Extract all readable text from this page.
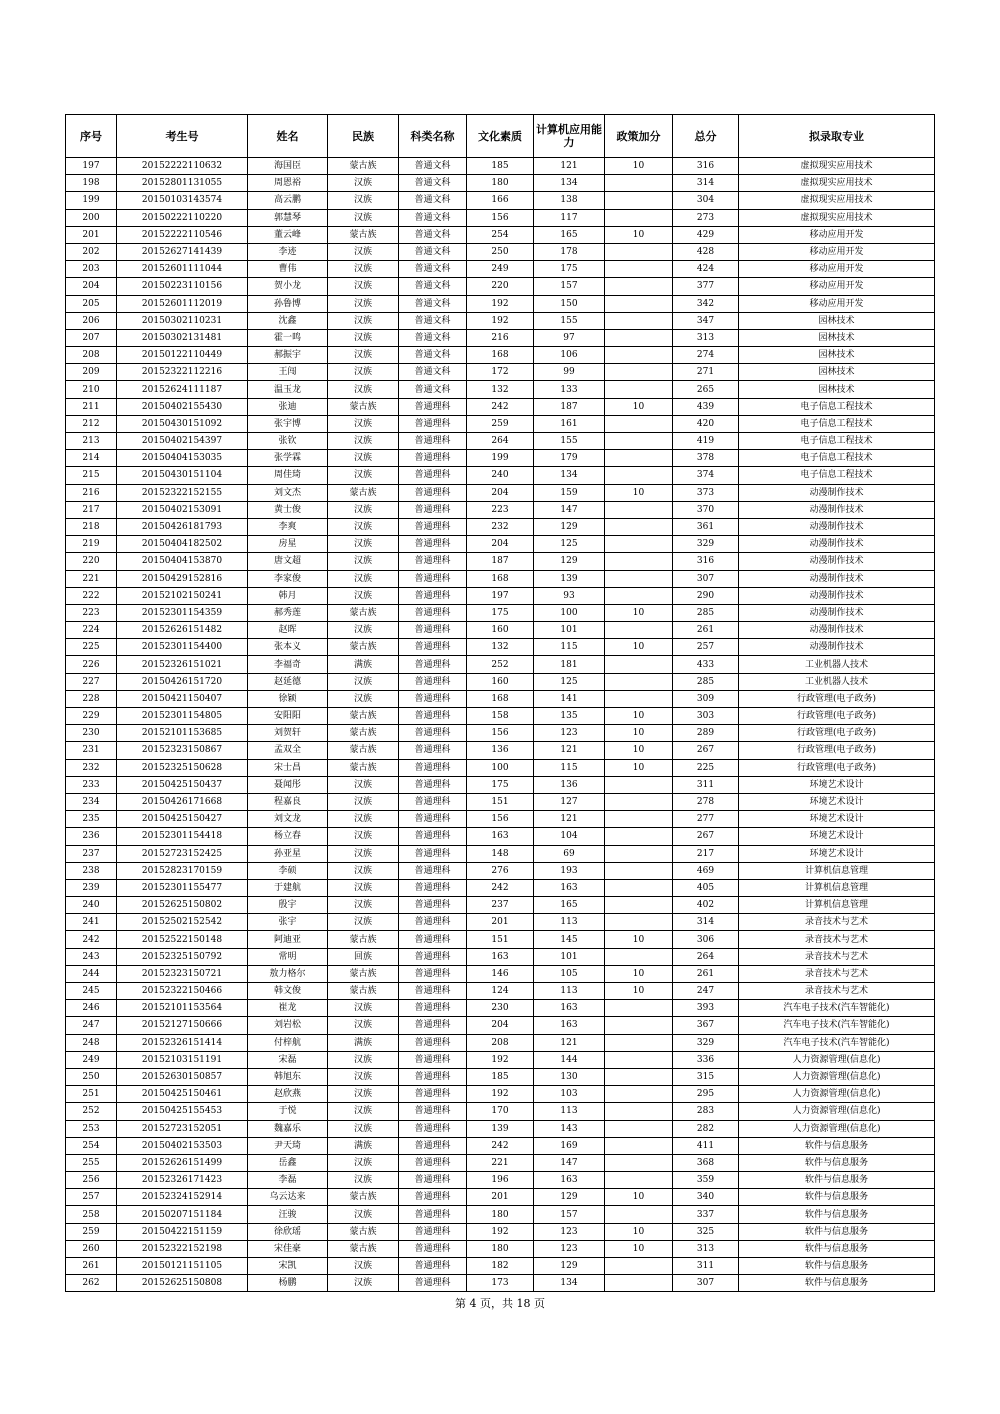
序号	考生号	姓名	民族	科类名称	文化素质	计算机应用能力	政策加分	总分	拟录取专业
197	20152222110632	海国臣	蒙古族	普通文科	185	121	10	316	虚拟现实应用技术
198	20152801131055	周恩裕	汉族	普通文科	180	134		314	虚拟现实应用技术
199	20150103143574	高云鹏	汉族	普通文科	166	138		304	虚拟现实应用技术
200	20150222110220	郭慧琴	汉族	普通文科	156	117		273	虚拟现实应用技术
201	20152222110546	董云峰	蒙古族	普通文科	254	165	10	429	移动应用开发
202	20152627141439	李迹	汉族	普通文科	250	178		428	移动应用开发
203	20152601111044	曹伟	汉族	普通文科	249	175		424	移动应用开发
204	20150223110156	贺小龙	汉族	普通文科	220	157		377	移动应用开发
205	20152601112019	孙鲁博	汉族	普通文科	192	150		342	移动应用开发
206	20150302110231	沈鑫	汉族	普通文科	192	155		347	园林技术
207	20150302131481	霍一鸣	汉族	普通文科	216	97		313	园林技术
208	20150122110449	郝振宇	汉族	普通文科	168	106		274	园林技术
209	20152322112216	王闯	汉族	普通文科	172	99		271	园林技术
210	20152624111187	温玉龙	汉族	普通文科	132	133		265	园林技术
211	20150402155430	张迪	蒙古族	普通理科	242	187	10	439	电子信息工程技术
212	20150430151092	张宇博	汉族	普通理科	259	161		420	电子信息工程技术
213	20150402154397	张钦	汉族	普通理科	264	155		419	电子信息工程技术
214	20150404153035	张学霖	汉族	普通理科	199	179		378	电子信息工程技术
215	20150430151104	周佳琦	汉族	普通理科	240	134		374	电子信息工程技术
216	20152322152155	刘文杰	蒙古族	普通理科	204	159	10	373	动漫制作技术
217	20150402153091	黄士俊	汉族	普通理科	223	147		370	动漫制作技术
218	20150426181793	李爽	汉族	普通理科	232	129		361	动漫制作技术
219	20150404182502	房星	汉族	普通理科	204	125		329	动漫制作技术
220	20150404153870	唐文超	汉族	普通理科	187	129		316	动漫制作技术
221	20150429152816	李家俊	汉族	普通理科	168	139		307	动漫制作技术
222	20152102150241	韩月	汉族	普通理科	197	93		290	动漫制作技术
223	20152301154359	郝秀莲	蒙古族	普通理科	175	100	10	285	动漫制作技术
224	20152626151482	赵晖	汉族	普通理科	160	101		261	动漫制作技术
225	20152301154400	张本义	蒙古族	普通理科	132	115	10	257	动漫制作技术
226	20152326151021	李福奇	满族	普通理科	252	181		433	工业机器人技术
227	20150426151720	赵延德	汉族	普通理科	160	125		285	工业机器人技术
228	20150421150407	徐颖	汉族	普通理科	168	141		309	行政管理(电子政务)
229	20152301154805	安阳阳	蒙古族	普通理科	158	135	10	303	行政管理(电子政务)
230	20152101153685	刘贺轩	蒙古族	普通理科	156	123	10	289	行政管理(电子政务)
231	20152323150867	孟双全	蒙古族	普通理科	136	121	10	267	行政管理(电子政务)
232	20152325150628	宋士昌	蒙古族	普通理科	100	115	10	225	行政管理(电子政务)
233	20150425150437	聂闻彤	汉族	普通理科	175	136		311	环境艺术设计
234	20150426171668	程嘉良	汉族	普通理科	151	127		278	环境艺术设计
235	20150425150427	刘文龙	汉族	普通理科	156	121		277	环境艺术设计
236	20152301154418	杨立春	汉族	普通理科	163	104		267	环境艺术设计
237	20152723152425	孙亚星	汉族	普通理科	148	69		217	环境艺术设计
238	20152823170159	李硕	汉族	普通理科	276	193		469	计算机信息管理
239	20152301155477	于建航	汉族	普通理科	242	163		405	计算机信息管理
240	20152625150802	殷宇	汉族	普通理科	237	165		402	计算机信息管理
241	20152502152542	张宇	汉族	普通理科	201	113		314	录音技术与艺术
242	20152522150148	阿迪亚	蒙古族	普通理科	151	145	10	306	录音技术与艺术
243	20152325150792	常明	回族	普通理科	163	101		264	录音技术与艺术
244	20152323150721	敖力格尔	蒙古族	普通理科	146	105	10	261	录音技术与艺术
245	20152322150466	韩文俊	蒙古族	普通理科	124	113	10	247	录音技术与艺术
246	20152101153564	崔龙	汉族	普通理科	230	163		393	汽车电子技术(汽车智能化)
247	20152127150666	刘岩松	汉族	普通理科	204	163		367	汽车电子技术(汽车智能化)
248	20152326151414	付梓航	满族	普通理科	208	121		329	汽车电子技术(汽车智能化)
249	20152103151191	宋磊	汉族	普通理科	192	144		336	人力资源管理(信息化)
250	20152630150857	韩旭东	汉族	普通理科	185	130		315	人力资源管理(信息化)
251	20150425150461	赵欣燕	汉族	普通理科	192	103		295	人力资源管理(信息化)
252	20150425155453	于悦	汉族	普通理科	170	113		283	人力资源管理(信息化)
253	20152723152051	魏嘉乐	汉族	普通理科	139	143		282	人力资源管理(信息化)
254	20150402153503	尹天琦	满族	普通理科	242	169		411	软件与信息服务
255	20152626151499	岳鑫	汉族	普通理科	221	147		368	软件与信息服务
256	20152326171423	李磊	汉族	普通理科	196	163		359	软件与信息服务
257	20152324152914	乌云达来	蒙古族	普通理科	201	129	10	340	软件与信息服务
258	20150207151184	汪骏	汉族	普通理科	180	157		337	软件与信息服务
259	20150422151159	徐欣瑶	蒙古族	普通理科	192	123	10	325	软件与信息服务
260	20152322152198	宋佳豪	蒙古族	普通理科	180	123	10	313	软件与信息服务
261	20150121151105	宋凯	汉族	普通理科	182	129		311	软件与信息服务
262	20152625150808	杨鹏	汉族	普通理科	173	134		307	软件与信息服务
第 4 页，共 18 页
